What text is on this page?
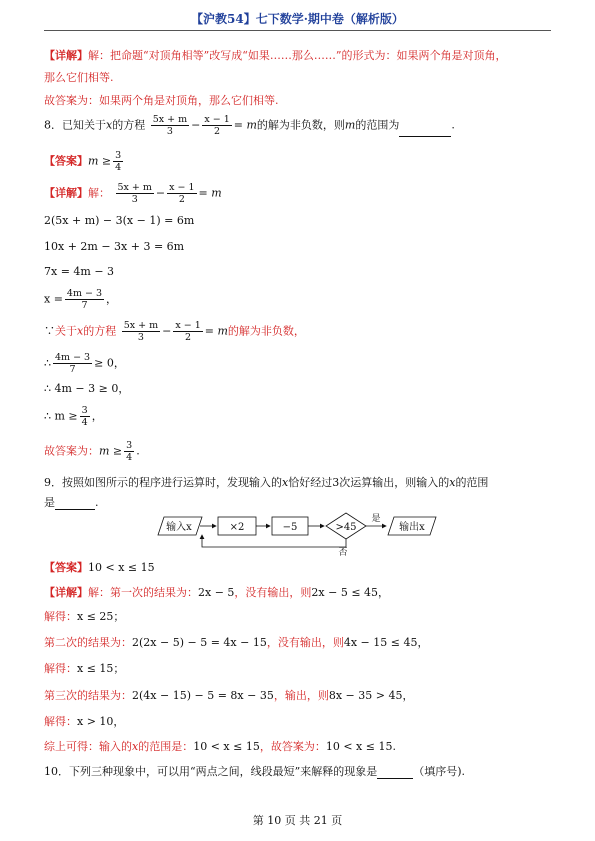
【沪教54】七下数学·期中卷（解析版）
【详解】解：把命题“对顶角相等”改写成“如果……那么……”的形式为：如果两个角是对顶角，
那么它们相等.
故答案为：如果两个角是对顶角，那么它们相等.
8．已知关于x的方程 $\frac{5x + m}{3} - \frac{x - 1}{2} = m$的解为非负数，则m的范围为	.
【答案】$m \ge \frac{3}{4}$
【详解】解： $\frac{5x + m}{3} - \frac{x - 1}{2} = m$
2(5x + m) − 3(x − 1) = 6m
10x + 2m − 3x + 3 = 6m
7x = 4m − 3
$x = \frac{4m - 3}{7}$ ，
∵关于x的方程 $\frac{5x + m}{3} - \frac{x - 1}{2} = m$的解为非负数，
∴ $\frac{4m - 3}{7} \ge 0$，
∴ 4m − 3 ≥ 0，
∴ $m \ge \frac{3}{4}$ ，
故答案为：$m \ge \frac{3}{4}$ .
9．按照如图所示的程序进行运算时，发现输入的x恰好经过3次运算输出，则输入的x的范围
是	.
输入x	×2	−5	>45
是
输出x
否
【答案】10 < x ≤ 15
【详解】解：第一次的结果为：2x − 5，没有输出，则2x − 5 ≤ 45，
解得：x ≤ 25；
第二次的结果为：2(2x − 5) − 5 = 4x − 15，没有输出，则4x − 15 ≤ 45，
解得：x ≤ 15；
第三次的结果为：2(4x − 15) − 5 = 8x − 35，输出，则8x − 35 > 45，
解得：x > 10，
综上可得：输入的x的范围是：10 < x ≤ 15，故答案为：10 < x ≤ 15.
10．下列三种现象中，可以用“两点之间，线段最短”来解释的现象是	（填序号).
第 10 页 共 21 页
